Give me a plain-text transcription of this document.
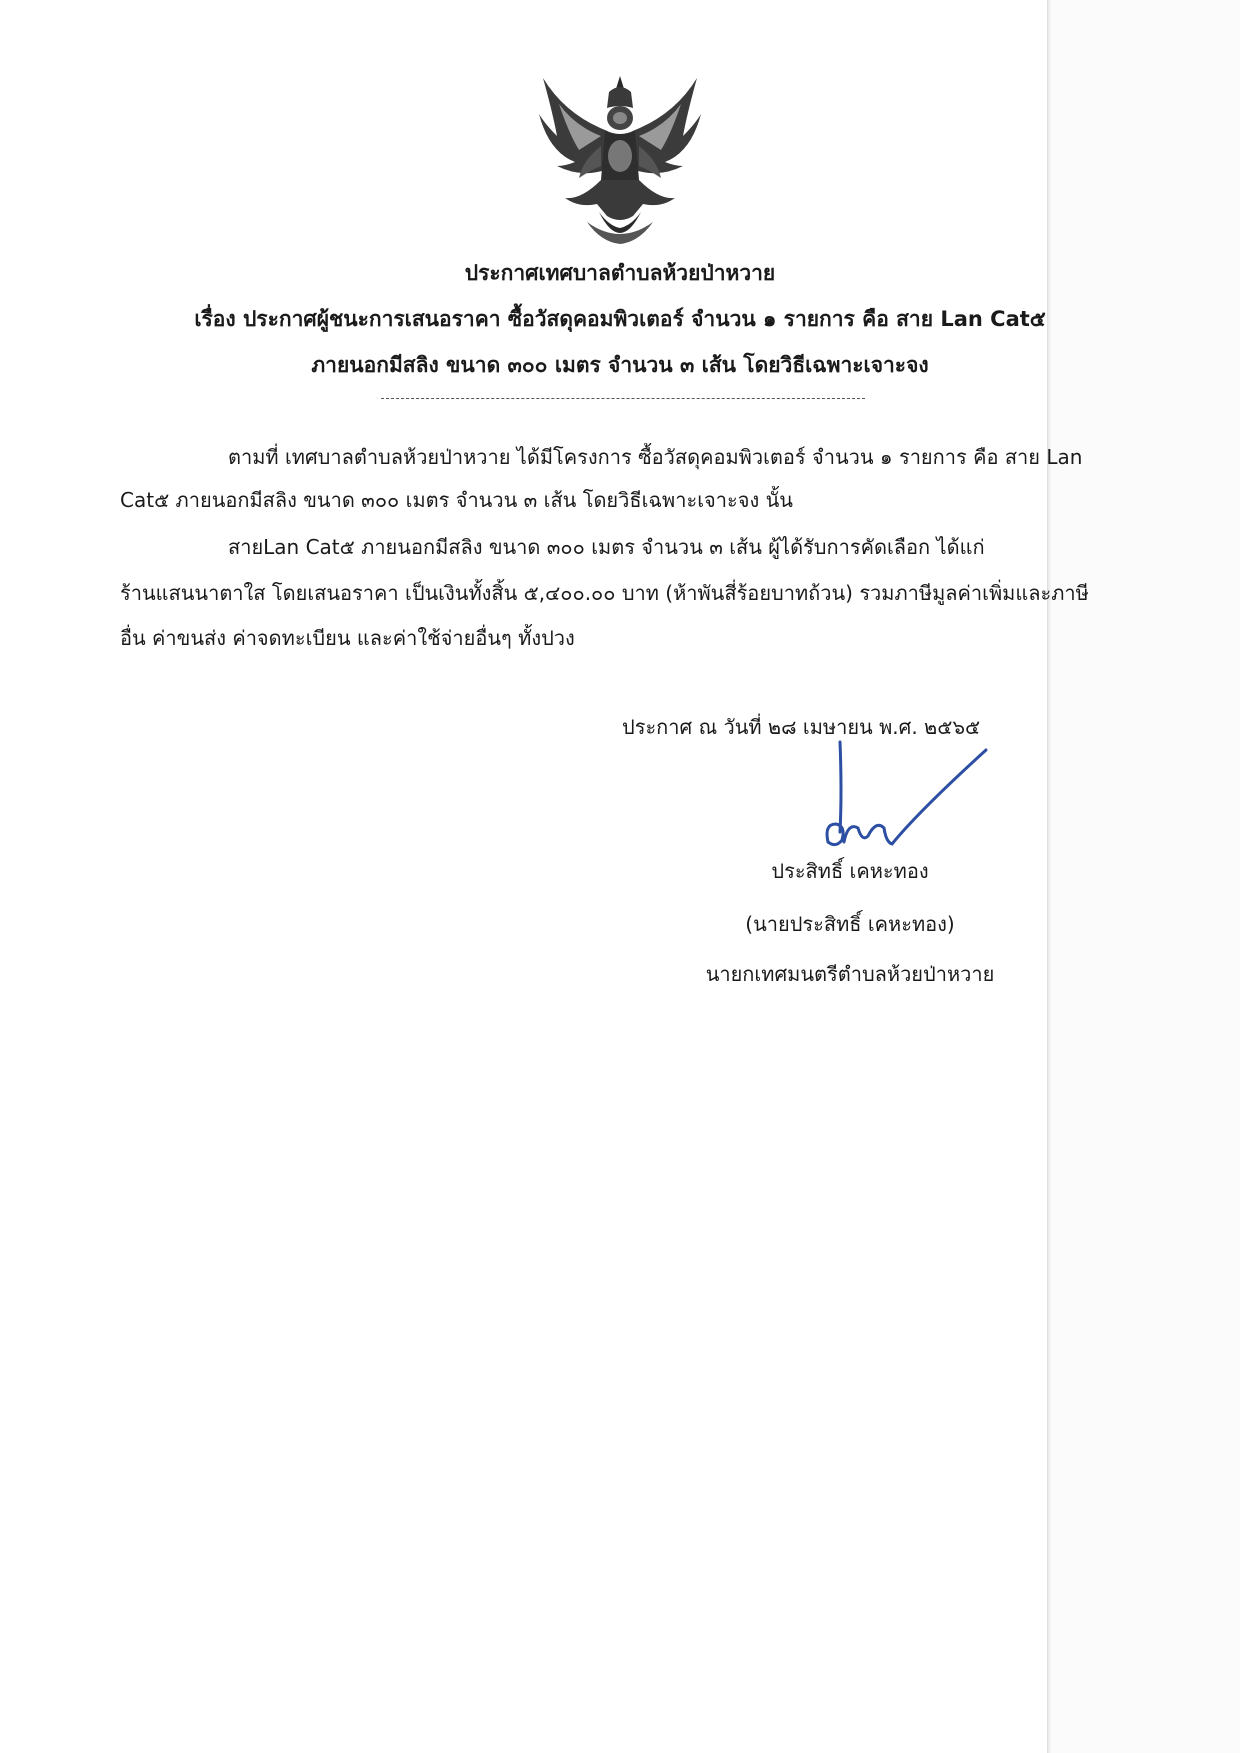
ประกาศเทศบาลตำบลห้วยป่าหวาย
เรื่อง ประกาศผู้ชนะการเสนอราคา ซื้อวัสดุคอมพิวเตอร์ จำนวน ๑ รายการ คือ สาย Lan Cat๕
ภายนอกมีสลิง ขนาด ๓๐๐ เมตร จำนวน ๓ เส้น โดยวิธีเฉพาะเจาะจง
ตามที่ เทศบาลตำบลห้วยป่าหวาย ได้มีโครงการ ซื้อวัสดุคอมพิวเตอร์ จำนวน ๑ รายการ คือ สาย Lan
Cat๕ ภายนอกมีสลิง ขนาด ๓๐๐ เมตร จำนวน ๓ เส้น โดยวิธีเฉพาะเจาะจง นั้น
สายLan Cat๕ ภายนอกมีสลิง ขนาด ๓๐๐ เมตร จำนวน ๓ เส้น ผู้ได้รับการคัดเลือก ได้แก่
ร้านแสนนาตาใส โดยเสนอราคา เป็นเงินทั้งสิ้น ๕,๔๐๐.๐๐ บาท (ห้าพันสี่ร้อยบาทถ้วน) รวมภาษีมูลค่าเพิ่มและภาษี
อื่น ค่าขนส่ง ค่าจดทะเบียน และค่าใช้จ่ายอื่นๆ ทั้งปวง
ประกาศ ณ วันที่ ๒๘ เมษายน พ.ศ. ๒๕๖๕
ประสิทธิ์ เคหะทอง
(นายประสิทธิ์ เคหะทอง)
นายกเทศมนตรีตำบลห้วยป่าหวาย
